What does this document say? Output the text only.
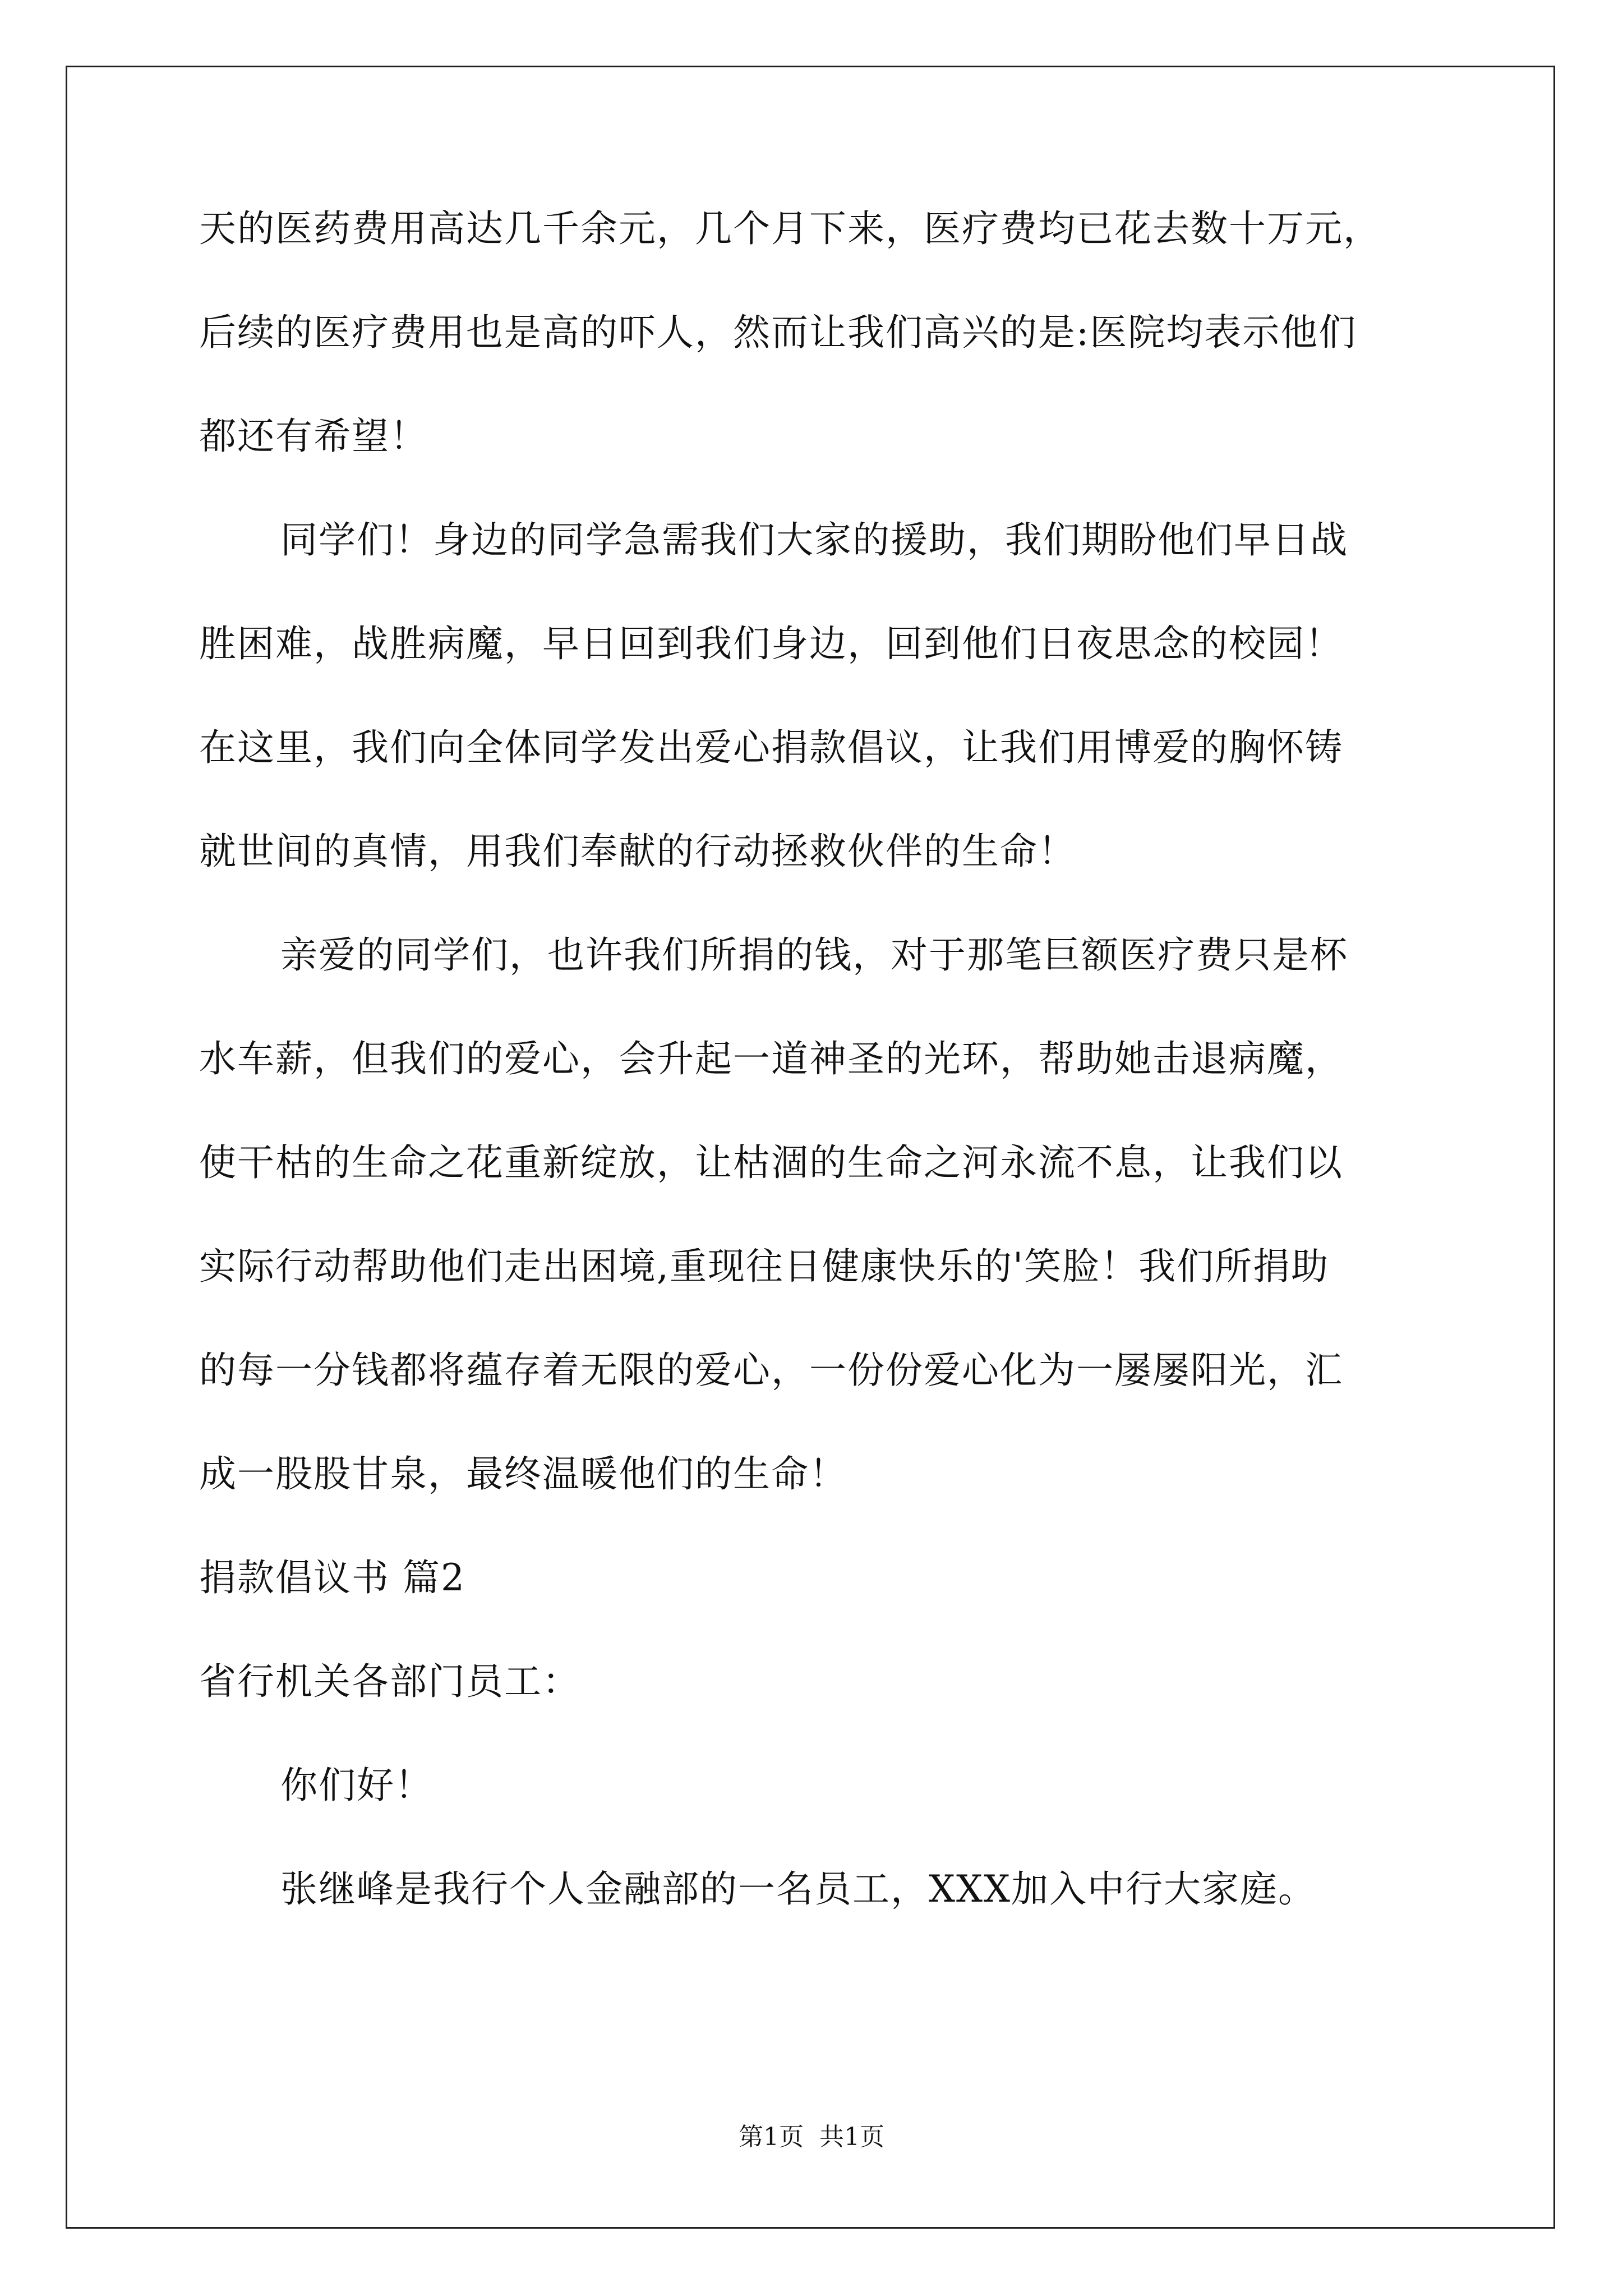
天的医药费用高达几千余元，几个月下来，医疗费均已花去数十万元，
后续的医疗费用也是高的吓人，然而让我们高兴的是:医院均表示他们
都还有希望！
同学们！身边的同学急需我们大家的援助，我们期盼他们早日战
胜困难，战胜病魔，早日回到我们身边，回到他们日夜思念的校园！
在这里，我们向全体同学发出爱心捐款倡议，让我们用博爱的胸怀铸
就世间的真情，用我们奉献的行动拯救伙伴的生命！
亲爱的同学们，也许我们所捐的钱，对于那笔巨额医疗费只是杯
水车薪，但我们的爱心，会升起一道神圣的光环，帮助她击退病魔，
使干枯的生命之花重新绽放，让枯涸的生命之河永流不息，让我们以
实际行动帮助他们走出困境,重现往日健康快乐的'笑脸！我们所捐助
的每一分钱都将蕴存着无限的爱心，一份份爱心化为一屡屡阳光，汇
成一股股甘泉，最终温暖他们的生命！
捐款倡议书 篇2
省行机关各部门员工：
你们好！
张继峰是我行个人金融部的一名员工，XXX加入中行大家庭。
第1页  共1页
